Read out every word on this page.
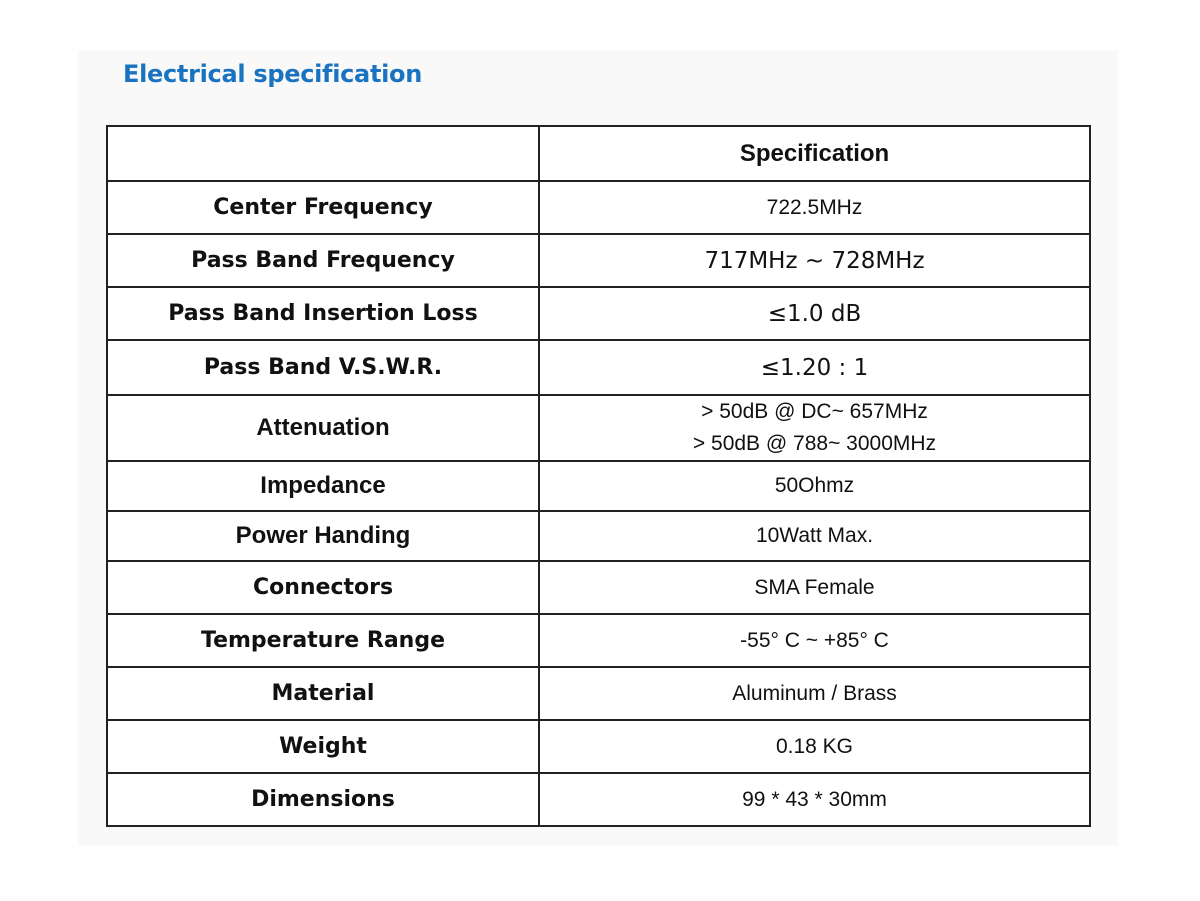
Electrical specification
	Specification
Center Frequency	722.5MHz
Pass Band Frequency	717MHz ~ 728MHz
Pass Band Insertion Loss	≤1.0 dB
Pass Band V.S.W.R.	≤1.20 : 1
Attenuation	> 50dB @ DC~ 657MHz
> 50dB @ 788~ 3000MHz

Impedance	50Ohmz
Power Handing	10Watt Max.
Connectors	SMA Female
Temperature Range	-55° C ~ +85° C
Material	Aluminum / Brass
Weight	0.18 KG
Dimensions	99 * 43 * 30mm
